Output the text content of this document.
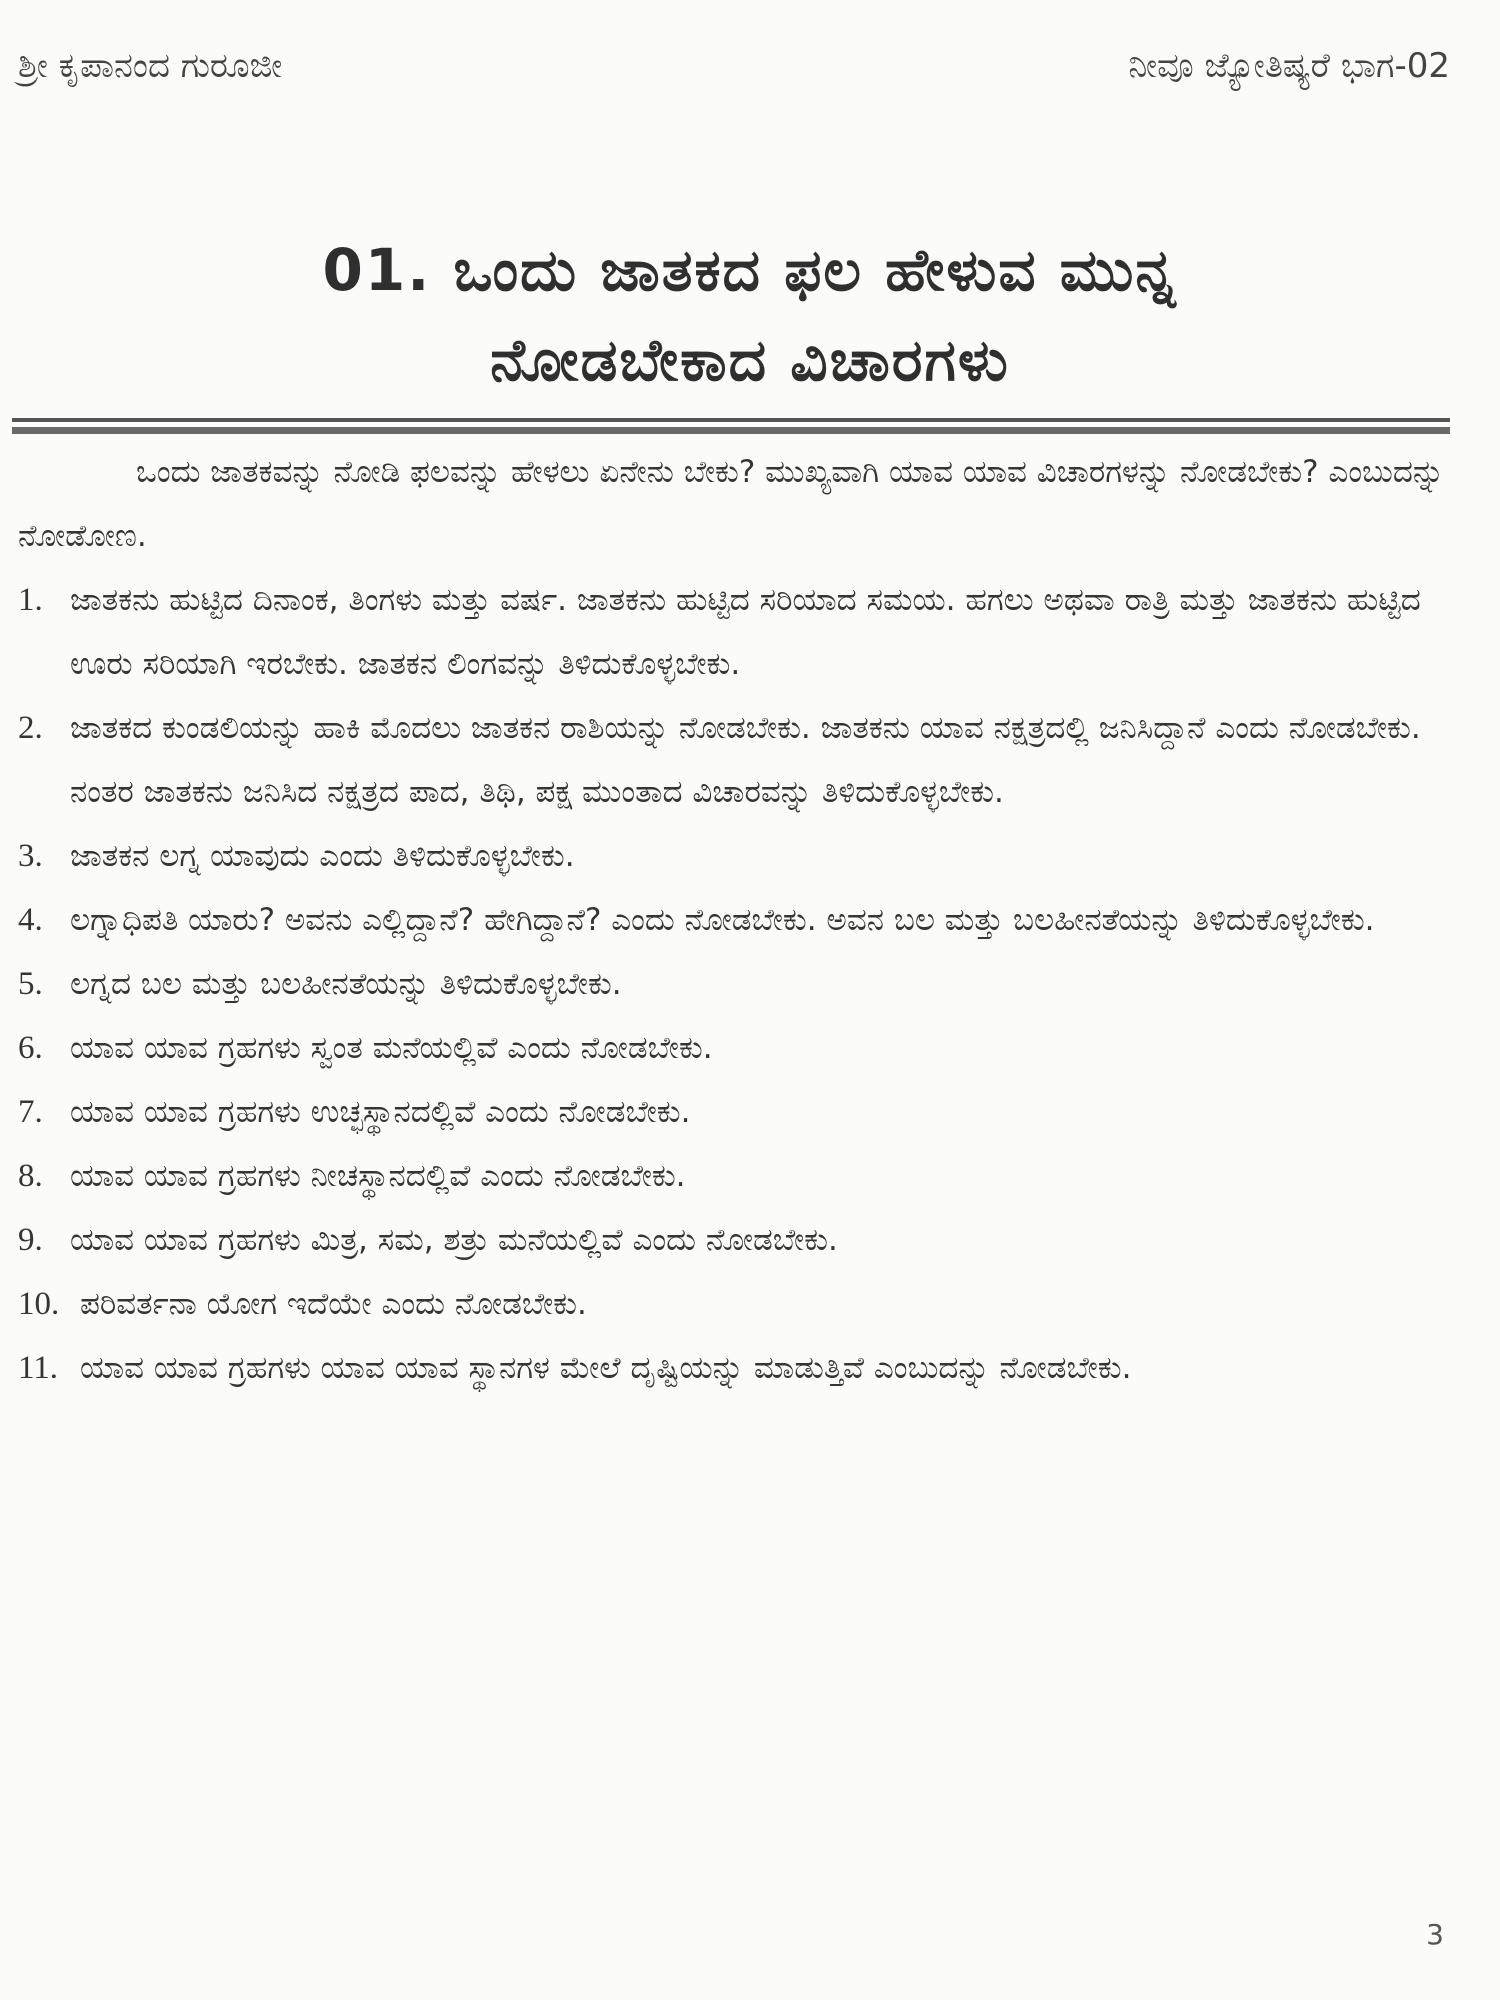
ಶ್ರೀ ಕೃಪಾನಂದ ಗುರೂಜೀ	ನೀವೂ ಜ್ಯೋತಿಷ್ಯರೆ ಭಾಗ-02
01. ಒಂದು ಜಾತಕದ ಫಲ ಹೇಳುವ ಮುನ್ನ
ನೋಡಬೇಕಾದ ವಿಚಾರಗಳು

ಒಂದು ಜಾತಕವನ್ನು ನೋಡಿ ಫಲವನ್ನು ಹೇಳಲು ಏನೇನು ಬೇಕು? ಮುಖ್ಯವಾಗಿ ಯಾವ ಯಾವ ವಿಚಾರಗಳನ್ನು ನೋಡಬೇಕು? ಎಂಬುದನ್ನು ನೋಡೋಣ.

1. ಜಾತಕನು ಹುಟ್ಟಿದ ದಿನಾಂಕ, ತಿಂಗಳು ಮತ್ತು ವರ್ಷ. ಜಾತಕನು ಹುಟ್ಟಿದ ಸರಿಯಾದ ಸಮಯ. ಹಗಲು ಅಥವಾ ರಾತ್ರಿ ಮತ್ತು ಜಾತಕನು ಹುಟ್ಟಿದ ಊರು ಸರಿಯಾಗಿ ಇರಬೇಕು. ಜಾತಕನ ಲಿಂಗವನ್ನು ತಿಳಿದುಕೊಳ್ಳಬೇಕು.
2. ಜಾತಕದ ಕುಂಡಲಿಯನ್ನು ಹಾಕಿ ಮೊದಲು ಜಾತಕನ ರಾಶಿಯನ್ನು ನೋಡಬೇಕು. ಜಾತಕನು ಯಾವ ನಕ್ಷತ್ರದಲ್ಲಿ ಜನಿಸಿದ್ದಾನೆ ಎಂದು ನೋಡಬೇಕು. ನಂತರ ಜಾತಕನು ಜನಿಸಿದ ನಕ್ಷತ್ರದ ಪಾದ, ತಿಥಿ, ಪಕ್ಷ ಮುಂತಾದ ವಿಚಾರವನ್ನು ತಿಳಿದುಕೊಳ್ಳಬೇಕು.
3. ಜಾತಕನ ಲಗ್ನ ಯಾವುದು ಎಂದು ತಿಳಿದುಕೊಳ್ಳಬೇಕು.
4. ಲಗ್ನಾಧಿಪತಿ ಯಾರು? ಅವನು ಎಲ್ಲಿದ್ದಾನೆ? ಹೇಗಿದ್ದಾನೆ? ಎಂದು ನೋಡಬೇಕು. ಅವನ ಬಲ ಮತ್ತು ಬಲಹೀನತೆಯನ್ನು ತಿಳಿದುಕೊಳ್ಳಬೇಕು.
5. ಲಗ್ನದ ಬಲ ಮತ್ತು ಬಲಹೀನತೆಯನ್ನು ತಿಳಿದುಕೊಳ್ಳಬೇಕು.
6. ಯಾವ ಯಾವ ಗ್ರಹಗಳು ಸ್ವಂತ ಮನೆಯಲ್ಲಿವೆ ಎಂದು ನೋಡಬೇಕು.
7. ಯಾವ ಯಾವ ಗ್ರಹಗಳು ಉಚ್ಛಸ್ಥಾನದಲ್ಲಿವೆ ಎಂದು ನೋಡಬೇಕು.
8. ಯಾವ ಯಾವ ಗ್ರಹಗಳು ನೀಚಸ್ಥಾನದಲ್ಲಿವೆ ಎಂದು ನೋಡಬೇಕು.
9. ಯಾವ ಯಾವ ಗ್ರಹಗಳು ಮಿತ್ರ, ಸಮ, ಶತ್ರು ಮನೆಯಲ್ಲಿವೆ ಎಂದು ನೋಡಬೇಕು.
10. ಪರಿವರ್ತನಾ ಯೋಗ ಇದೆಯೇ ಎಂದು ನೋಡಬೇಕು.
11. ಯಾವ ಯಾವ ಗ್ರಹಗಳು ಯಾವ ಯಾವ ಸ್ಥಾನಗಳ ಮೇಲೆ ದೃಷ್ಟಿಯನ್ನು ಮಾಡುತ್ತಿವೆ ಎಂಬುದನ್ನು ನೋಡಬೇಕು.
3
